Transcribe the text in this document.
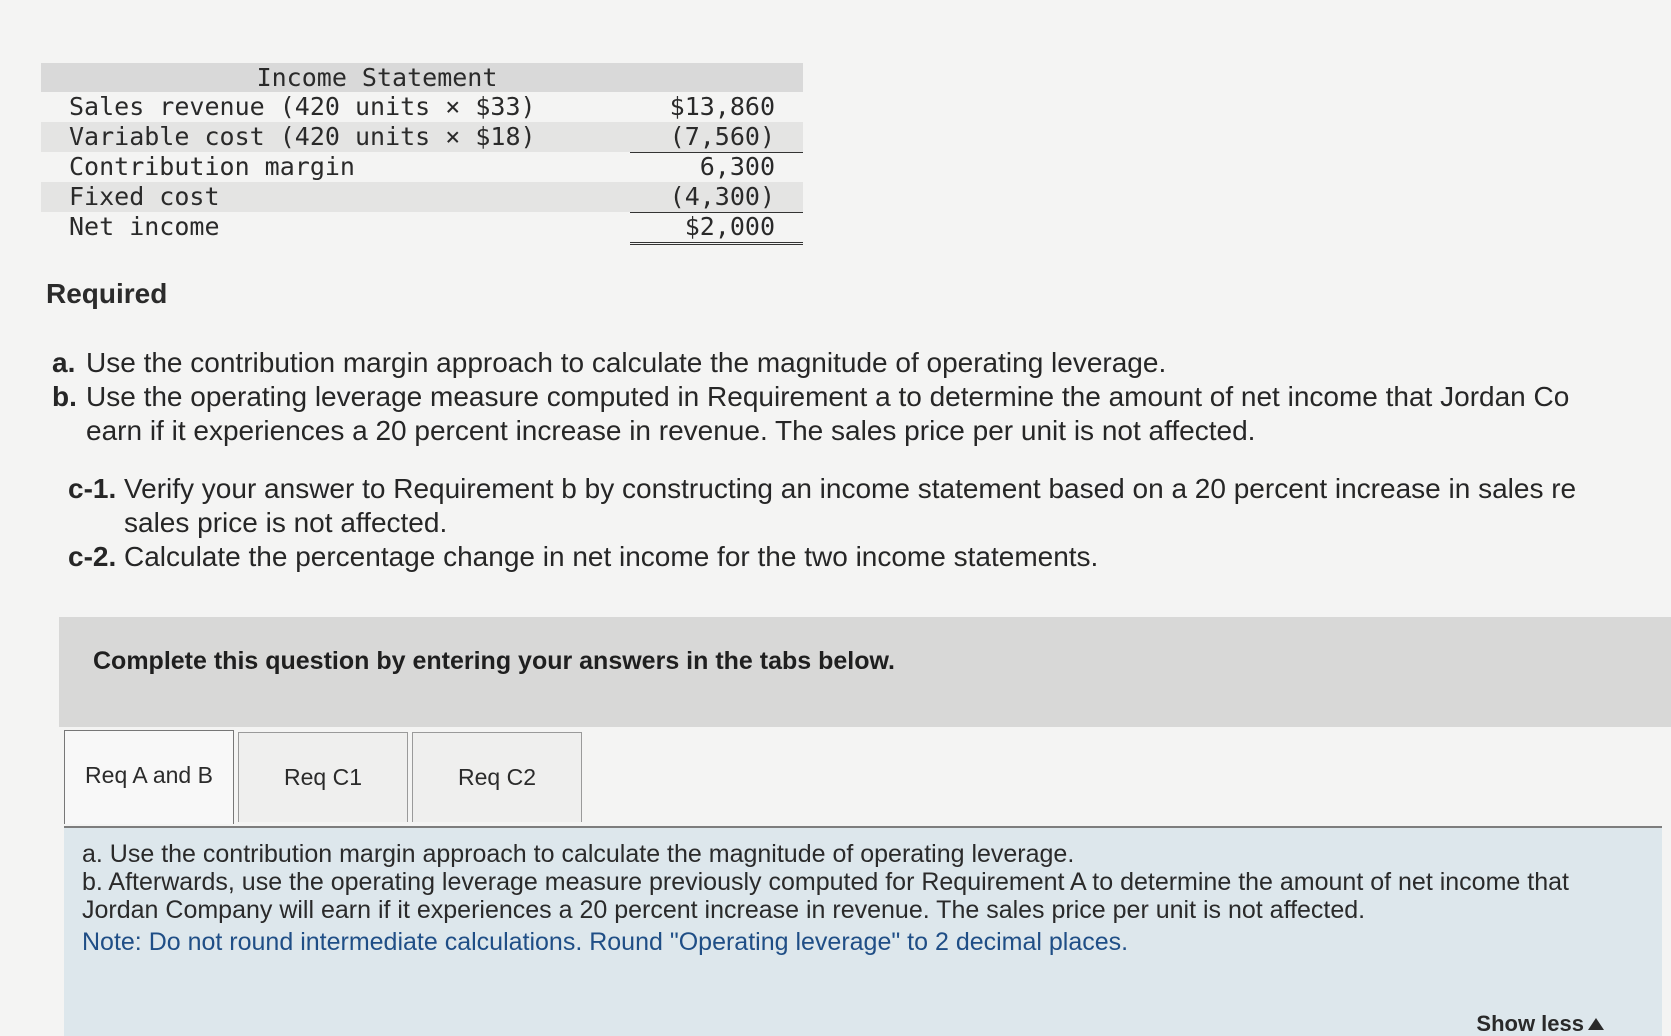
Income Statement
Sales revenue (420 units × $33)	$13,860
Variable cost (420 units × $18)	(7,560)
Contribution margin	6,300
Fixed cost	(4,300)
Net income	$2,000
Required
a. Use the contribution margin approach to calculate the magnitude of operating leverage.
b. Use the operating leverage measure computed in Requirement a to determine the amount of net income that Jordan Co
earn if it experiences a 20 percent increase in revenue. The sales price per unit is not affected.
c-1. Verify your answer to Requirement b by constructing an income statement based on a 20 percent increase in sales re
sales price is not affected.
c-2. Calculate the percentage change in net income for the two income statements.
Complete this question by entering your answers in the tabs below.
Req A and B	Req C1	Req C2

a. Use the contribution margin approach to calculate the magnitude of operating leverage.

b. Afterwards, use the operating leverage measure previously computed for Requirement A to determine the amount of net income that Jordan Company will earn if it experiences a 20 percent increase in revenue. The sales price per unit is not affected.

Note: Do not round intermediate calculations. Round "Operating leverage" to 2 decimal places.

Show less
